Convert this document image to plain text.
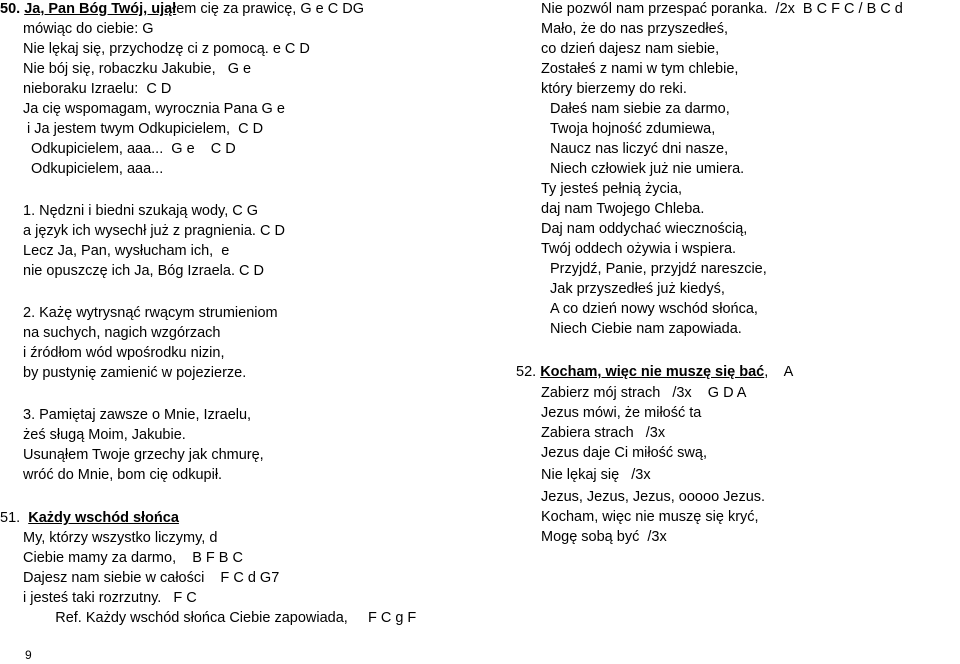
50. Ja, Pan Bóg Twój, ująłem cię za prawicę, G e C DG
mówiąc do ciebie: G
Nie lękaj się, przychodzę ci z pomocą. e C D
Nie bój się, robaczku Jakubie,   G e
nieboraku Izraelu:  C D
Ja cię wspomagam, wyrocznia Pana G e
i Ja jestem twym Odkupicielem,  C D
Odkupicielem, aaa...  G e    C D
Odkupicielem, aaa...
1. Nędzni i biedni szukają wody, C G
a język ich wysechł już z pragnienia. C D
Lecz Ja, Pan, wysłucham ich,  e
nie opuszczę ich Ja, Bóg Izraela. C D
2. Każę wytrysnąć rwącym strumieniom
na suchych, nagich wzgórzach
i źródłom wód wpośrodku nizin,
by pustynię zamienić w pojezierze.
3. Pamiętaj zawsze o Mnie, Izraelu,
żeś sługą Moim, Jakubie.
Usunąłem Twoje grzechy jak chmurę,
wróć do Mnie, bom cię odkupił.
51.  Każdy wschód słońca
My, którzy wszystko liczymy, d
Ciebie mamy za darmo,    B F B C
Dajesz nam siebie w całości    F C d G7
i jesteś taki rozrzutny.   F C
Ref. Każdy wschód słońca Ciebie zapowiada,     F C g F
9
Nie pozwól nam przespać poranka.  /2x  B C F C / B C d
Mało, że do nas przyszedłeś,
co dzień dajesz nam siebie,
Zostałeś z nami w tym chlebie,
który bierzemy do reki.
Dałeś nam siebie za darmo,
Twoja hojność zdumiewa,
Naucz nas liczyć dni nasze,
Niech człowiek już nie umiera.
Ty jesteś pełnią życia,
daj nam Twojego Chleba.
Daj nam oddychać wiecznością,
Twój oddech ożywia i wspiera.
Przyjdź, Panie, przyjdź nareszcie,
Jak przyszedłeś już kiedyś,
A co dzień nowy wschód słońca,
Niech Ciebie nam zapowiada.
52. Kocham, więc nie muszę się bać,    A
Zabierz mój strach   /3x    G D A
Jezus mówi, że miłość ta
Zabiera strach   /3x
Jezus daje Ci miłość swą,
Nie lękaj się   /3x
Jezus, Jezus, Jezus, ooooo Jezus.
Kocham, więc nie muszę się kryć,
Mogę sobą być  /3x
